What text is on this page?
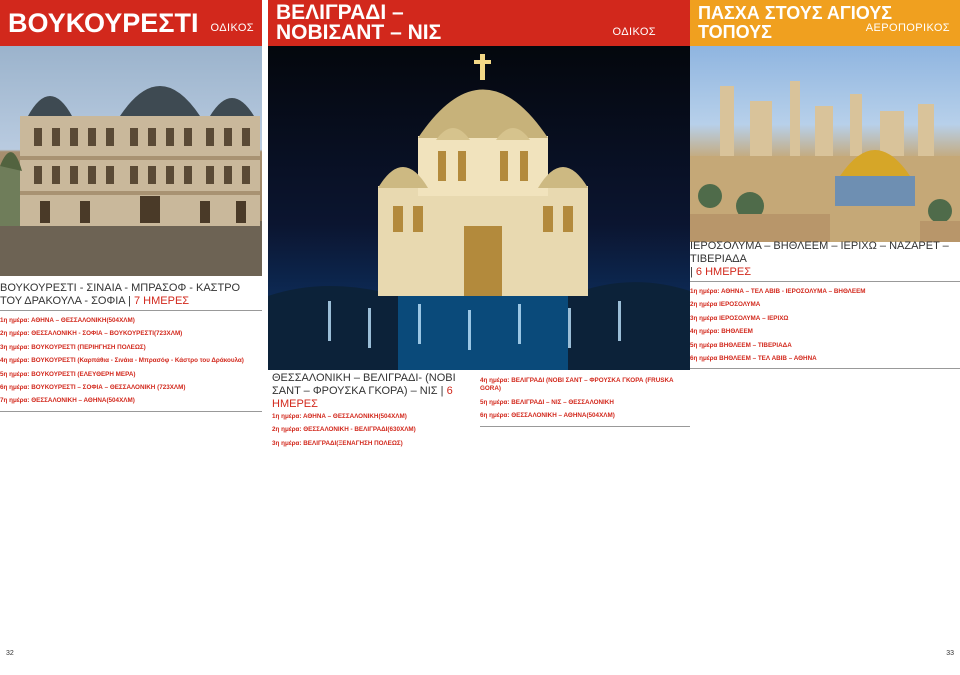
ΒΟΥΚΟΥΡΕΣΤΙ ΟΔΙΚΟΣ
ΒΕΛΙΓΡΑΔΙ –
ΝΟΒΙΣΑΝΤ – ΝΙΣ	ΟΔΙΚΟΣ
ΠΑΣΧΑ ΣΤΟΥΣ ΑΓΙΟΥΣ
ΤΟΠΟΥΣ	ΑΕΡΟΠΟΡΙΚΟΣ
ΒΟΥΚΟΥΡΕΣΤΙ - ΣΙΝΑΙΑ - ΜΠΡΑΣΟΦ - ΚΑΣΤΡΟ ΤΟΥ ΔΡΑΚΟΥΛΑ - ΣΟΦΙΑ | 7 ΗΜΕΡΕΣ
1η ημέρα: ΑΘΗΝΑ – ΘΕΣΣΑΛΟΝΙΚΗ(504ΧΛΜ)
2η ημέρα: ΘΕΣΣΑΛΟΝΙΚΗ - ΣΟΦΙΑ – ΒΟΥΚΟΥΡΕΣΤΙ(723ΧΛΜ)
3η ημέρα: ΒΟΥΚΟΥΡΕΣΤΙ (ΠΕΡΙΗΓΗΣΗ ΠΟΛΕΩΣ)
4η ημέρα: ΒΟΥΚΟΥΡΕΣΤΙ (Καρπάθια - Σινάια - Μπρασόφ - Κάστρο του Δράκουλα)
5η ημέρα: ΒΟΥΚΟΥΡΕΣΤΙ (ΕΛΕΥΘΕΡΗ ΜΕΡΑ)
6η ημέρα: ΒΟΥΚΟΥΡΕΣΤΙ – ΣΟΦΙΑ – ΘΕΣΣΑΛΟΝΙΚΗ (723ΧΛΜ)
7η ημέρα: ΘΕΣΣΑΛΟΝΙΚΗ – ΑΘΗΝΑ(504ΧΛΜ)
32
ΘΕΣΣΑΛΟΝΙΚΗ – ΒΕΛΙΓΡΑΔΙ- (ΝΟΒΙ ΣΑΝΤ – ΦΡΟΥΣΚΑ ΓΚΟΡΑ) – ΝΙΣ | 6 ΗΜΕΡΕΣ
1η ημέρα: ΑΘΗΝΑ – ΘΕΣΣΑΛΟΝΙΚΗ(504ΧΛΜ)
2η ημέρα: ΘΕΣΣΑΛΟΝΙΚΗ - ΒΕΛΙΓΡΑΔΙ(630ΧΛΜ)
3η ημέρα: ΒΕΛΙΓΡΑΔΙ(ΞΕΝΑΓΗΣΗ ΠΟΛΕΩΣ)
4η ημέρα: ΒΕΛΙΓΡΑΔΙ (ΝΟΒΙ ΣΑΝΤ – ΦΡΟΥΣΚΑ ΓΚΟΡΑ (FRUSKA GORA)
5η ημέρα: ΒΕΛΙΓΡΑΔΙ – ΝΙΣ – ΘΕΣΣΑΛΟΝΙΚΗ
6η ημέρα: ΘΕΣΣΑΛΟΝΙΚΗ – ΑΘΗΝΑ(504ΧΛΜ)
ΙΕΡΟΣΟΛΥΜΑ – ΒΗΘΛΕΕΜ – ΙΕΡΙΧΩ – ΝΑΖΑΡΕΤ – ΤΙΒΕΡΙΑΔΑ
| 6 ΗΜΕΡΕΣ
1η ημέρα: ΑΘΗΝΑ – ΤΕΛ ΑΒΙΒ - ΙΕΡΟΣΟΛΥΜΑ – ΒΗΘΛΕΕΜ
2η ημέρα ΙΕΡΟΣΟΛΥΜΑ
3η ημέρα ΙΕΡΟΣΟΛΥΜΑ – ΙΕΡΙΧΩ
4η ημέρα: ΒΗΘΛΕΕΜ
5η ημέρα ΒΗΘΛΕΕΜ – ΤΙΒΕΡΙΑΔΑ
6η ημέρα ΒΗΘΛΕΕΜ – ΤΕΛ ΑΒΙΒ – ΑΘΗΝΑ
33
